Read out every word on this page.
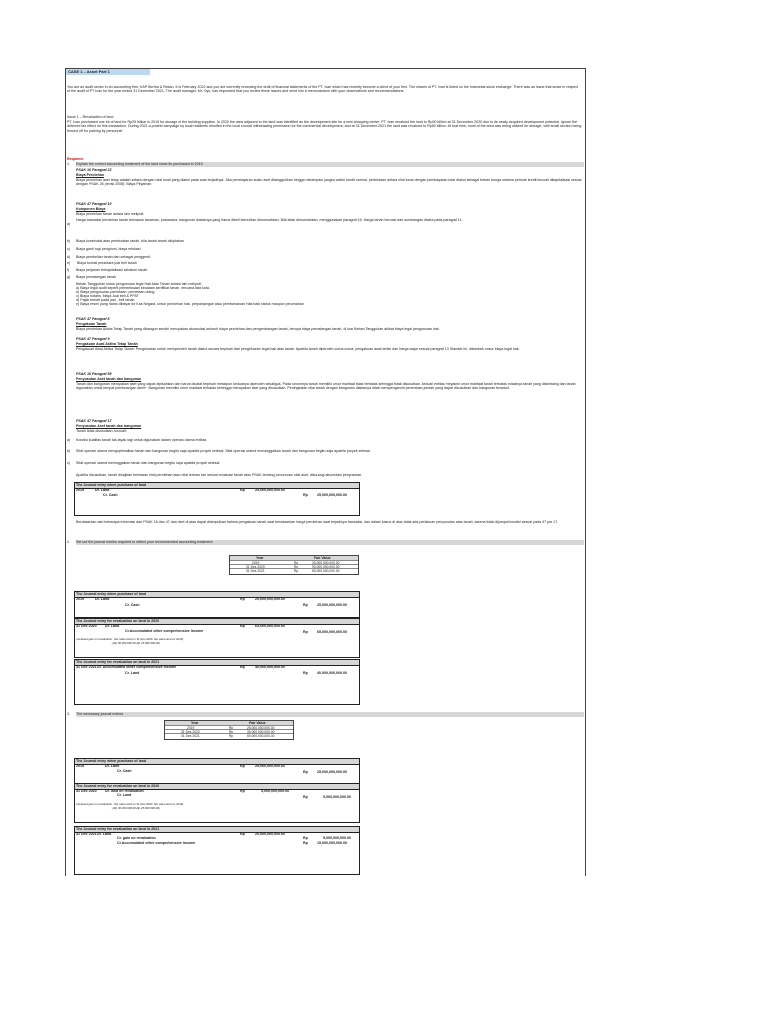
CASE 1 – Asset Part 1
You are an audit senior in an accounting firm, KAP Bertha & Rekan. It is February 2022 and you are currently reviewing the draft of financial statements of the PT. Ivan which has recently become a client of your firm. The shares of PT. Ivan is listed on the Indonesia stock exchange. There was an issue that arose in respect of the audit of PT Ivan for the year ended 31 December 2021. The audit manager, Mr. Oyo, has requested that you review these issues and send him a memorandum with your observations and recommendations.
Issue 1 – Revaluation of land
PT. Ivan purchased one lot of land for Rp25 billion in 2019 for storage of the building supplies. In 2020 the area adjacent to the land was identified as the development site for a new shopping center. PT. Ivan revalued the land to Rp90 billion at 31 December 2020 due to its newly acquired development potential. Ignore the deferred tax effect on this transaction. During 2021 a protest campaign by local residents resulted in the local council withdrawing permission for the commercial development, and at 31 December 2021 the land was revalued to Rp50 billion. At that time, most of the area was being utilized for storage, with small section being fenced off for parking by personnel.
Required:
1. Explain the correct accounting treatment of the land since its purchased in 2019
PSAK 16 Paragraf 22
Biaya Perolehan
Biaya perolehan aset tetap adalah setara dengan nilai tunai yang diakui pada saat terjadinya. Jika pembayaran suatu aset ditangguhkan hingga melampaui jangka waktu kredit normal, perbedaan antara nilai tunai dengan pembayaran total diakui sebagai beban bunga selama periode kredit kecuali dikapitalisasi sesuai dengan PSAK 26 (revisi 2008): Biaya Pinjaman
PSAK 47 Paragraf 10
Komponen Biaya
Biaya perolehan tanah antara lain meliputi:
a)
Harga transaksi perolehan tanah termasuk tanaman, prasarana, bangunan diatasnya yang harus dibeli kemudian dimusnahkan. Bila tidak dimusnahkan, menggunakan paragraf 16. Harga tanah beroasi dan sumbangan diakui pada paragraf 11.
b) Biaya konstruksi atau pembuatan tanah, bila tanah tanah diciptakan
c) Biaya ganti rugi penghuni, biaya relokasi
d) Biaya pembelian tanah dan sebagai penggenti.
e) Biaya komisi perantara jual beli tanah
f) Biaya perjanan terkapitalisasi sebalum tanah
g) Biaya pematangan tanah
Beban Tangguhan untuk pengurusan legal Hak Atas Tanah antara lain meliputi:
a) Biaya legal audit seperti pemeriksaan keadaan sertifikat tanah, rencana tata kota.
b) Biaya pengukuran-pemetaan- pemetaan ulang.
c) Biaya notaris, biaya Jual beli & PPAT
d) Pajak terkait pada jual - beli tanah
e) Biaya resmi yang harus dibayar ke Kas Negara, untuk perolehan hak, perpanjangan atau pembaharuan Hak baik status maupun perumahan
PSAK 47 Paragraf 8
Pengakuan Tanah
Biaya perolehan Aktiva Tetap Tanah yang dibangun sendiri merupakan akumulasi seluruh biaya perolehan dan pengembangan tanah, berupa biaya pematangan tanah, di luar Beban Tangguhan akibat biaya legal pengurusan hak.
PSAK 47 Paragraf 9
Pengakuan Awal Aktiva Tetap Tanah
Pengakuan Awal Aktiva Tetap Tanah: Pengeluaran untuk memperoleh tanah diakui secara terpisah dari pengeluaran legal hak atas tanah. Apabila tanah diperoleh cuma-cuma, pengakuan awal tentin dan harga wajar sesuai paragraf 13 Standar ini, ditambah unsur biaya legal hak.
PSAK 16 Paragraf 59
Penyusutan Aset tanah dan bangunan
Tanah dan bangunan merupakan aset yang dapat dipisahkan dan harus dicatat terpisah meskipun keduanya diperoleh sekaligus. Pada umumnya tanah memiliki umur manfaat tidak terbatas sehingga tidak disusutkan, kecuali entitas meyakini umur manfaat tanah terbatas misalnya tanah yang ditambang dan tanah digunakan untuk tempat pembuangan akhir*. Bangunan memiliki umur manfaat terbatas sehingga merupakan aset yang disusutkan. Peningkatan nilai tanah dengan bangunan diatasnya tidak mempengaruhi penentuan jumlah yang dapat disusutkan dan bangunan tersebut.
PSAK 47 Paragraf 17
Penyusutan Aset tanah dan bangunan
Tanah tidak disusutkan, kecuali:
a) Kondisi kualitas tanah tak layak lagi untuk digunakan dalam operasi utama entitas
b) Sifat operasi utama mengoptimalkan tanah dan bangunan begitu saja apabila proyek selesai. Sifat operasi utama menanggalkan tanah dan bangunan begitu saja apabila proyek selesai.
c) Sifat operasi utama meninggalkan tanah dan bangunan begitu saja apabila proyek selesai.
Apabila disusutkan, tanah disajikan berbasan nilai perolehan atau nilai terbaru tan sesuai revaluasi tanah atau PSAK tentang penurunan nilai aset, dikurangi akumulasi penyusutan.
The Journal entry when purchase of land
2019	Dr. Land	Rp	25,000,000,000.00
Cr. Cash	Rp	25,000,000,000.00
Berdasarkan dari beberapa informasi dari PSAK 16 dan 47 dan riset di atas dapat disimpulkan bahwa pengakuan tanah saat berdasarkan harga perolehan saat terjadinya transaksi, dan dalam kasus di atas tidak ada perlakuan penyusutan atas tanah, karena tidak dijumpai kondisi sesuai pada 47 par 17.
2. Set out the journal entries required to reflect your recommended accounting treatment
Year	Fair Value
2019	Rp	25,000,000,000.00
31 Des 2020	Rp	90,000,000,000.00
31 Des 2021	Rp	50,000,000,000.00
The Journal entry when purchase of land
2019	Dr. Land	Rp	25,000,000,000.00
Cr. Cash	Rp	25,000,000,000.00
The Journal entry for revaluation on land in 2020
31 Dec 2020 Dr. Land	Rp	65,000,000,000.00
Cr.Accumulated other comprehensive income	Rp	65,000,000,000.00
(revalued gain on revaluation : fair value land on 31 Des 2020- fair value land on 2019)
: (Rp 90.000.000.00-Rp 25.000.000.00)
The Journal entry for revaluation on land in 2021
31 Dec 2021 Dr. Accumulated other comprehensive income	Rp	40,000,000,000.00
Cr. Land	Rp	40,000,000,000.00
3. The necessary journal entries
Year	Fair Value
2019	Rp	25,000,000,000.00
31 Des 2020	Rp	30,000,000,000.00
31 Des 2021	Rp	50,000,000,000.00
The Journal entry when purchase of land
2019	Dr. Land	Rp	25,000,000,000.00
Cr. Cash	Rp	25,000,000,000.00
The Journal entry for revaluation on land in 2020
31 Dec 2020 Dr. land on revaluation	Rp	5,000,000,000.00
Cr. Land	Rp	5,000,000,000.00
(revalued gain on revaluation : fair value land on 31 Des 2020- fair value land on 2019)
: (Rp 30.000.000.00-Rp 25.000.000.00)
The Journal entry for revaluation on land in 2021
31 Dec 2021 Dr. Land	Rp	20,000,000,000.00
Cr. gain on revaluation	Rp	5,000,000,000.00
Cr.Accumulated other comprehensive income	Rp	15,000,000,000.00
